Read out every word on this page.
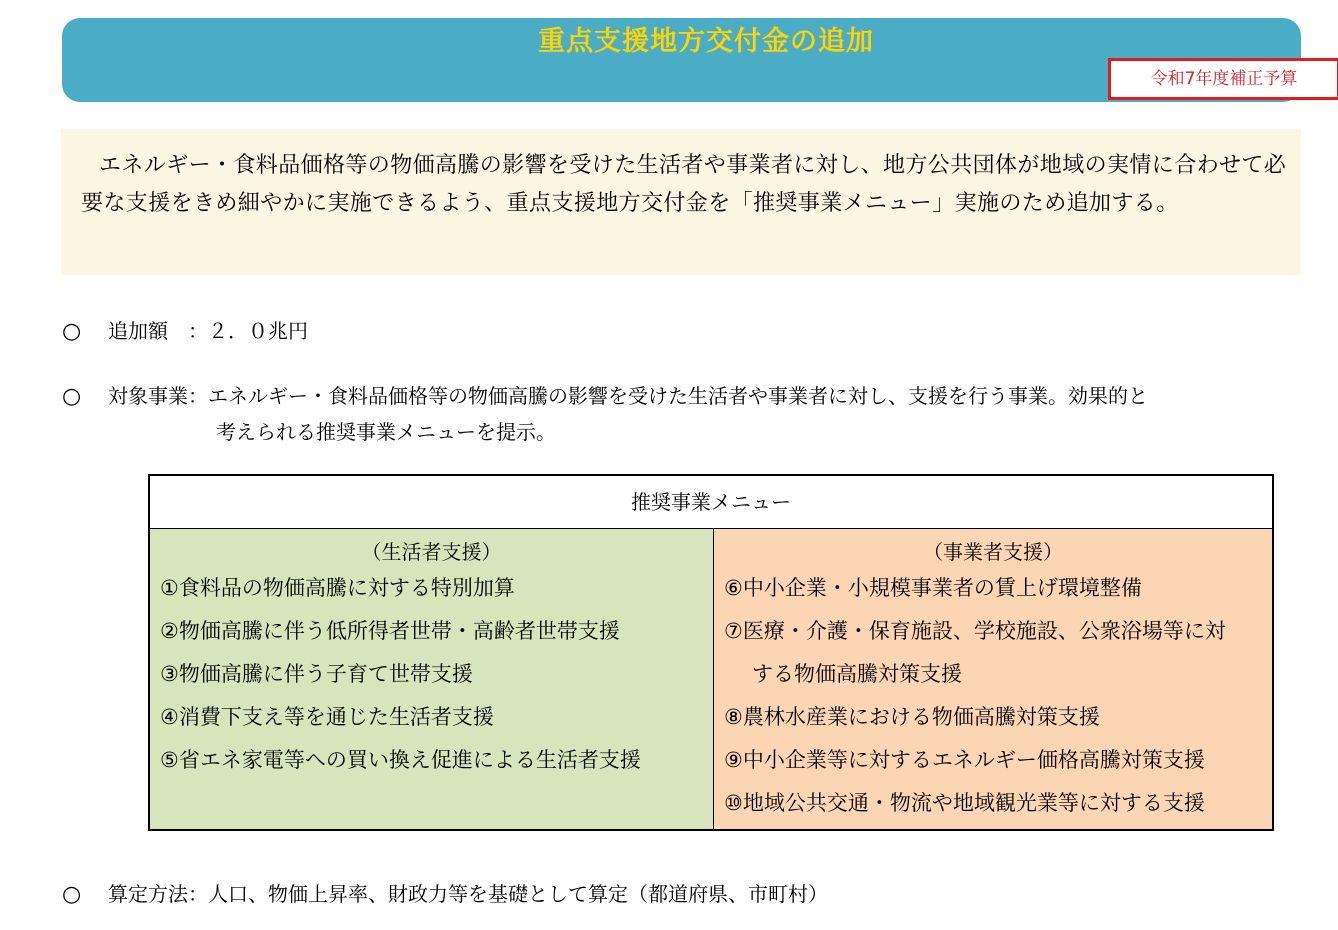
令和7年度補正予算
重点支援地方交付金の追加
エネルギー・食料品価格等の物価高騰の影響を受けた生活者や事業者に対し、地方公共団体が地域の実情に合わせて必要な支援をきめ細やかに実施できるよう、重点支援地方交付金を「推奨事業メニュー」実施のため追加する。
○ 追加額　：２．０兆円
○ 対象事業：エネルギー・食料品価格等の物価高騰の影響を受けた生活者や事業者に対し、支援を行う事業。効果的と
考えられる推奨事業メニューを提示。
推奨事業メニュー
（生活者支援）
①食料品の物価高騰に対する特別加算
②物価高騰に伴う低所得者世帯・高齢者世帯支援
③物価高騰に伴う子育て世帯支援
④消費下支え等を通じた生活者支援
⑤省エネ家電等への買い換え促進による生活者支援
（事業者支援）
⑥中小企業・小規模事業者の賃上げ環境整備
⑦医療・介護・保育施設、学校施設、公衆浴場等に対
する物価高騰対策支援
⑧農林水産業における物価高騰対策支援
⑨中小企業等に対するエネルギー価格高騰対策支援
⑩地域公共交通・物流や地域観光業等に対する支援
○ 算定方法：人口、物価上昇率、財政力等を基礎として算定（都道府県、市町村）
